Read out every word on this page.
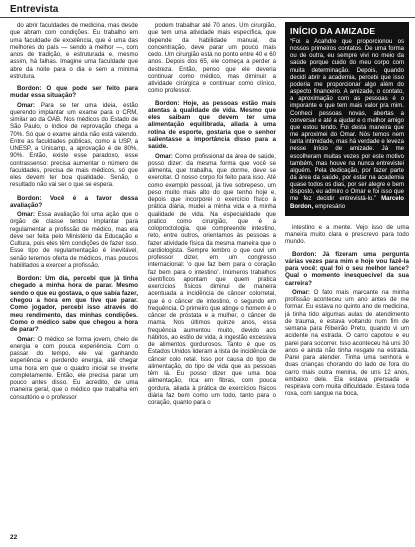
Entrevista

do abrir faculdades de medicina, mas desde que abram com condições. Eu trabalho em uma faculdade de excelência, que é uma das melhores do país — sendo a melhor —, com anos de tradição, e estruturada e, mesmo assim, há falhas. Imagine uma faculdade que abre da noite para o dia e sem a mínima estrutura.

Bordon: O que pode ser feito para mudar essa situação?

Omar: Para se ter uma ideia, estão querendo implantar um exame para o CRM, similar ao da OAB. Nos médicos do Estado de São Paulo, o índice de reprovação chega a 70%. Só que o exame ainda não está valendo. Entre as faculdades públicas, como a USP, a UNESP, a Unicamp, a aprovação é de 80%, 90%. Então, existe esse paradoxo, esse contrassenso: precisa aumentar o número de faculdades, precisa de mais médicos, só que eles devem ter boa qualidade. Senão, o resultado não vai ser o que se espera.

Bordon: Você é a favor dessa avaliação?

Omar: Essa avaliação foi uma ação que o órgão de classe tentou implantar para regulamentar a profissão de médico, mas ela deve ser feita pelo Ministério da Educação e Cultura, pois eles têm condições de fazer isso. Esse tipo de regulamentação é inevitável, senão teremos oferta de médicos, mas poucos habilitados a exercer a profissão.

Bordon: Um dia, percebi que já tinha chegado a minha hora de parar. Mesmo sendo o que eu gostava, o que sabia fazer, chegou a hora em que tive que parar. Como jogador, percebi isso através do meu rendimento, das minhas condições. Como o médico sabe que chegou a hora de parar?

Omar: O médico se forma jovem, cheio de energia e com pouca experiência. Com o passar do tempo, ele vai ganhando experiência e perdendo energia, até chegar uma hora em que o quadro inicial se inverte completamente. Então, ele precisa parar um pouco antes disso. Eu acredito, de uma maneira geral, que o médico que trabalha em consultório e o professor

podem trabalhar até 70 anos. Um cirurgião, que tem uma atividade mais específica, que depende da habilidade manual, da concentração, deve parar um pouco mais cedo. Um cirurgião está no ponto entre 40 e 60 anos. Depois dos 65, ele começa a perder a destreza. Então, penso que ele deveria continuar como médico, mas diminuir a atividade cirúrgica e continuar como clínico, como professor.

Bordon: Hoje, as pessoas estão mais atentas à qualidade de vida. Mesmo que eles saibam que devem ter uma alimentação equilibrada, aliada à uma rotina de esporte, gostaria que o senhor salientasse a importância disso para a saúde.

Omar: Como profissional da área de saúde, posso dizer: da mesma forma que você se alimenta, que trabalha, que dorme, deve se exercitar. O nosso corpo foi feito para isso. Até como exemplo pessoal, já tive sobrepeso, um peso muito mais alto do que tenho hoje e, depois que incorporei o exercício físico à prática diária, mudei a minha vida e a minha qualidade de vida. Na especialidade que pratico como cirurgião, que é a coloproctologia, que compreende intestino, reto, entre outros, orientamos às pessoas a fazer atividade física da mesma maneira que o cardiologista. Sempre lembro o que ouvi um professor dizer, em um congresso internacional: 'o que faz bem para o coração faz bem para o intestino'. Inúmeros trabalhos científicos apontam que quem pratica exercícios físicos diminui de maneira acentuada a incidência de câncer colorretal, que é o câncer de intestino, o segundo em frequência. O primeiro que atinge o homem é o câncer de próstata e a mulher, o câncer de mama. Nos últimos quinze anos, essa frequência aumentou muito, devido aos hábitos, ao estilo de vida, à ingestão excessiva de alimentos gordurosos. Tanto é que os Estados Unidos lideram a lista de incidência de câncer colo retal. Isso por causa do tipo de alimentação, do tipo de vida que as pessoas têm lá. Eu posso dizer que uma boa alimentação, rica em fibras, com pouca gordura, aliada à prática de exercícios físicos diária faz bem como um todo, tanto para o coração, quanto para o

INÍCIO DA AMIZADE
“Foi a Acahdre que proporcionou os nossos primeiros contatos. De uma forma ou de outra, eu sempre vivi no meio da saúde porque cuido do meu corpo com muita determinação. Depois, quando decidi abrir a academia, percebi que isso poderia me proporcionar algo além do aspecto financeiro. A amizade, o contato, a aproximação com as pessoas é o imporante e que tem mais valor pra mim. Conheci pessoas novas, abertas a conversar e até a ajudar e o melhor amigo que estou tendo. Foi desta maneira que me aproximei do Omar. Nós temos nem tanta intimidade, mas há verdade e leveza nesse início de amizade. Já me escolheram muitas vezes por este motivo também, mas houve na nunca entrevistei alguém. Pela dedicação, por fazer parte da área da saúde, por estar na academia quase todos os dias, por ser alegre e bem disposto, eu admiro o Omar e foi isso que me fez decidir entrevistá-lo.” Marcelo Bordon, empresário

intestino e a mente. Vejo isso de uma maneira muito clara e prescrevo para todo mundo.

Bordon: Já fizeram uma pergunta várias vezes para mim e hoje vou fazê-la para você: qual foi o seu melhor lance? Qual o momento inesquecível da sua carreira?

Omar: O fato mais marcante na minha profissão aconteceu um ano antes de me formar. Eu estava no quinto ano de medicina, já tinha tido algumas aulas de atendimento de trauma, e estava voltando num fim de semana para Ribeirão Preto, quando vi um acidente na estrada. O carro capotou e eu parei para socorrer. Isso aconteceu há uns 30 anos e ainda não tinha resgate na estrada. Parei para atender. Tinha uma senhora e duas crianças chorando do lado de fora do carro mais outra menina, de uns 12 anos, embaixo dele. Ela estava prensada e respirava com muita dificuldade. Estava toda roxa, com sangue na boca,

22
